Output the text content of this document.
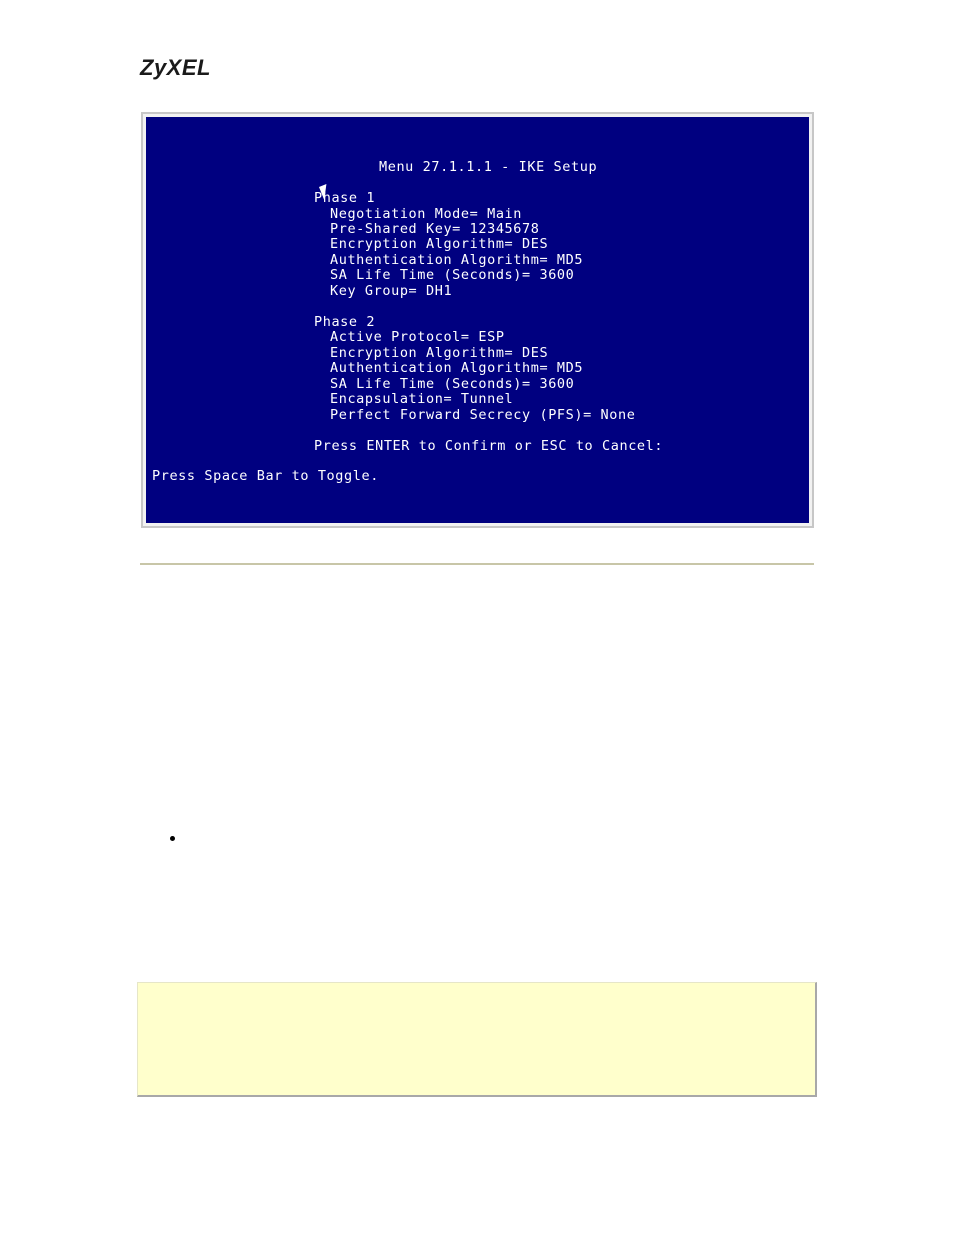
ZyXEL
Menu 27.1.1.1 - IKE Setup
Phase 1
Negotiation Mode= Main
Pre-Shared Key= 12345678
Encryption Algorithm= DES
Authentication Algorithm= MD5
SA Life Time (Seconds)= 3600
Key Group= DH1
Phase 2
Active Protocol= ESP
Encryption Algorithm= DES
Authentication Algorithm= MD5
SA Life Time (Seconds)= 3600
Encapsulation= Tunnel
Perfect Forward Secrecy (PFS)= None
Press ENTER to Confirm or ESC to Cancel:
Press Space Bar to Toggle.
